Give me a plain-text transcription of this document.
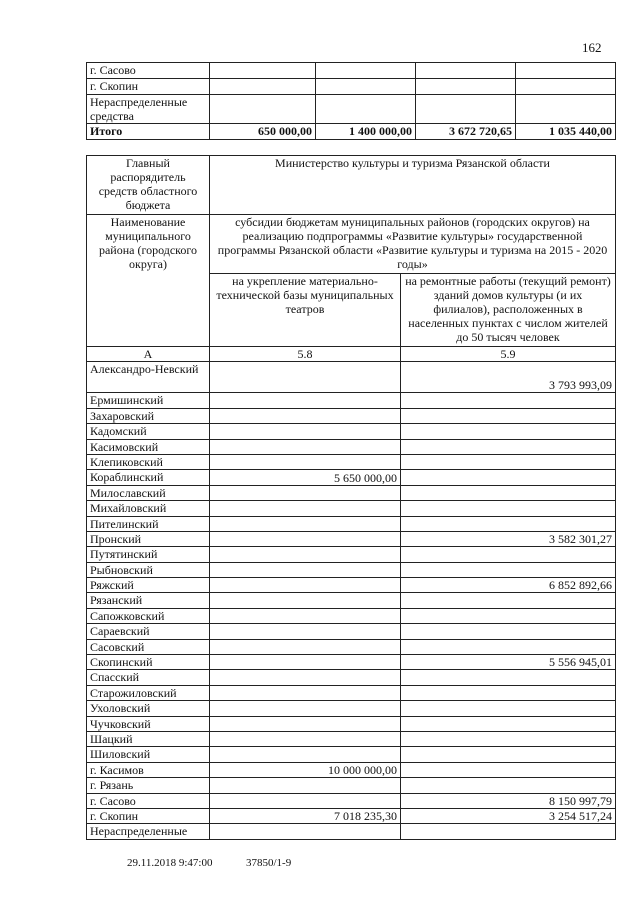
162
г. Сасово				
г. Скопин				
Нераспределенные средства				
Итого	650 000,00	1 400 000,00	3 672 720,65	1 035 440,00
Главный распорядитель средств областного бюджета	Министерство культуры и туризма Рязанской области	
Наименование муниципального района (городского округа)	субсидии бюджетам муниципальных районов (городских округов) на реализацию подпрограммы «Развитие культуры» государственной программы Рязанской области «Развитие культуры и туризма на 2015 - 2020 годы»	
	на укрепление материально-технической базы муниципальных театров	на ремонтные работы (текущий ремонт) зданий домов культуры (и их филиалов), расположенных в населенных пунктах с числом жителей до 50 тысяч человек
А	5.8	5.9
Александро-Невский		3 793 993,09
Ермишинский		
Захаровский		
Кадомский		
Касимовский		
Клепиковский		
Кораблинский	5 650 000,00	
Милославский		
Михайловский		
Пителинский		
Пронский		3 582 301,27
Путятинский		
Рыбновский		
Ряжский		6 852 892,66
Рязанский		
Сапожковский		
Сараевский		
Сасовский		
Скопинский		5 556 945,01
Спасский		
Старожиловский		
Ухоловский		
Чучковский		
Шацкий		
Шиловский		
г. Касимов	10 000 000,00	
г. Рязань		
г. Сасово		8 150 997,79
г. Скопин	7 018 235,30	3 254 517,24
Нераспределенные		
29.11.2018 9:47:00	37850/1-9
